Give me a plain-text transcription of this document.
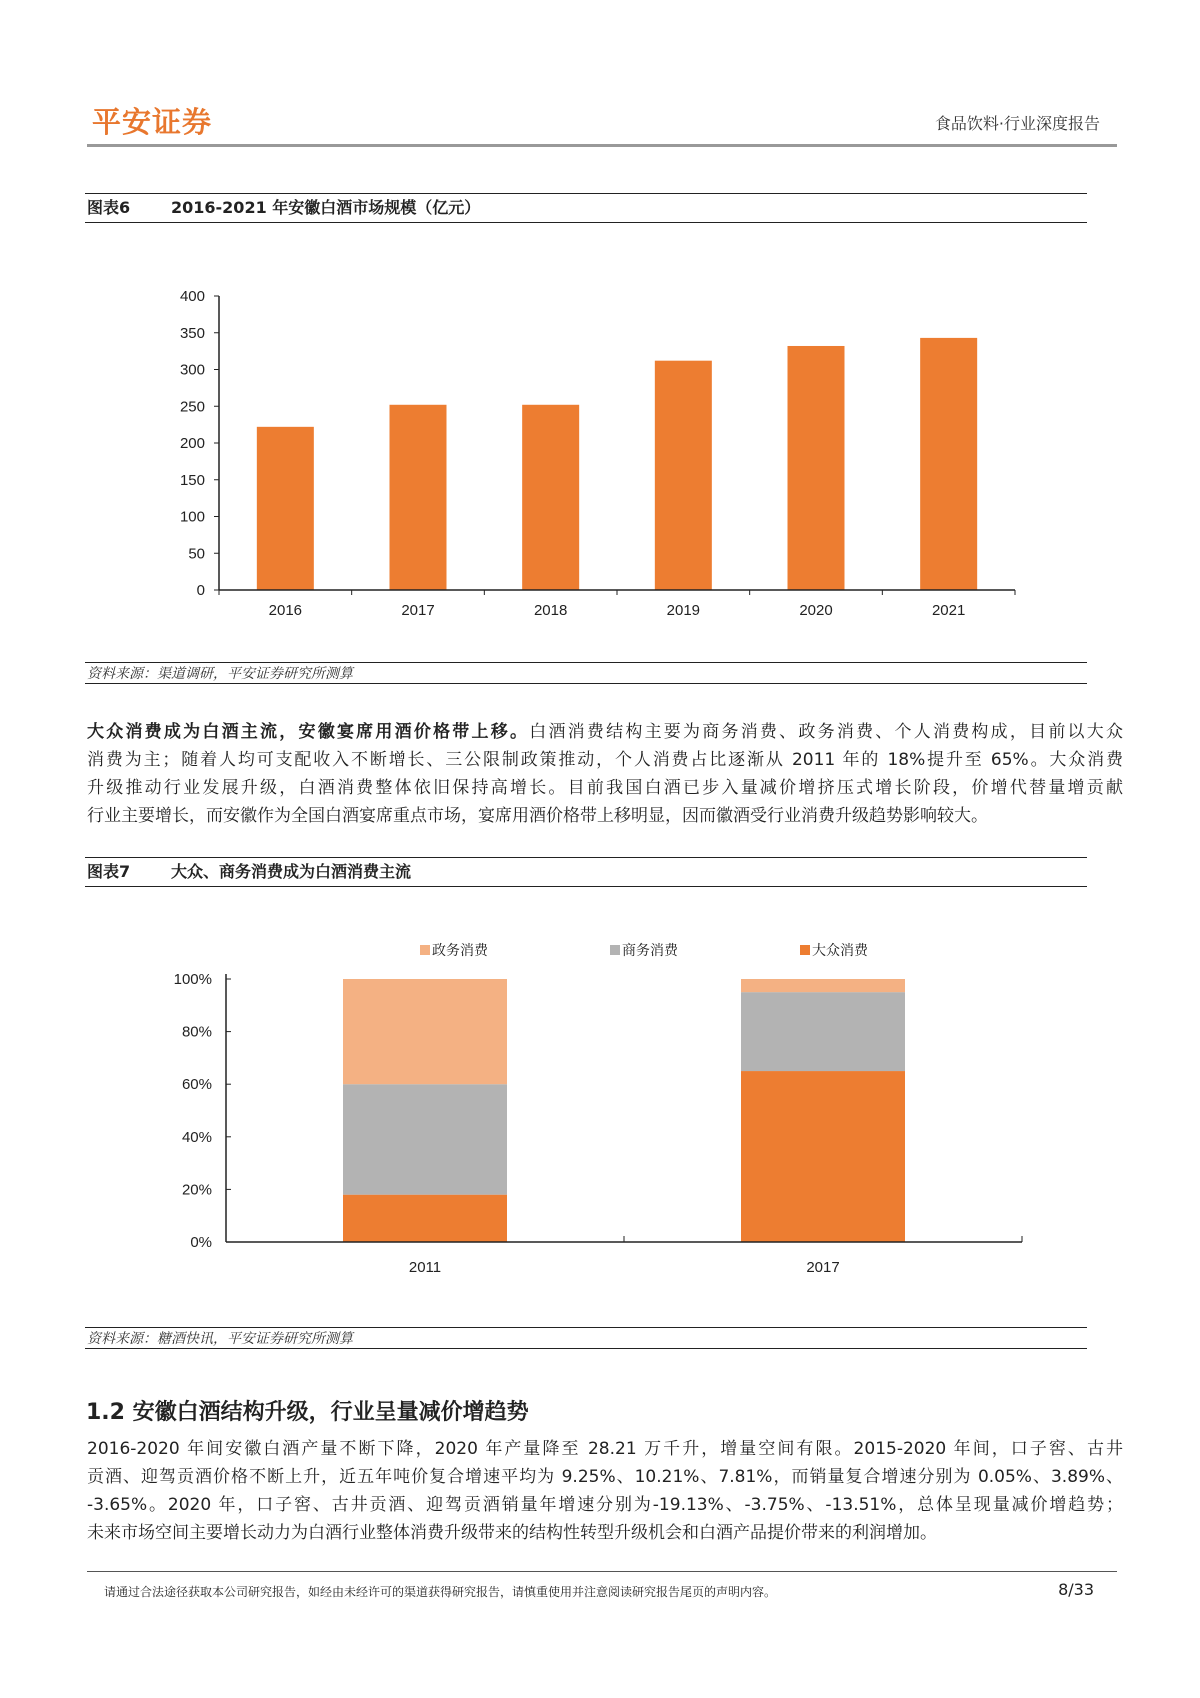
平安证券	食品饮料·行业深度报告
图表6	2016-2021 年安徽白酒市场规模（亿元）
2016	2017	2018	2019	2020	2021
0
50
100
150
200
250
300
350
400
资料来源：渠道调研，平安证券研究所测算
大众消费成为白酒主流，安徽宴席用酒价格带上移。白酒消费结构主要为商务消费、政务消费、个人消费构成，目前以大众
消费为主；随着人均可支配收入不断增长、三公限制政策推动，个人消费占比逐渐从 2011 年的 18%提升至 65%。大众消费
升级推动行业发展升级，白酒消费整体依旧保持高增长。目前我国白酒已步入量减价增挤压式增长阶段，价增代替量增贡献
行业主要增长，而安徽作为全国白酒宴席重点市场，宴席用酒价格带上移明显，因而徽酒受行业消费升级趋势影响较大。
图表7	大众、商务消费成为白酒消费主流
2011	2017
0%
20%
40%
60%
80%
100%
政务消费	商务消费	大众消费
资料来源：糖酒快讯，平安证券研究所测算
1.2 安徽白酒结构升级，行业呈量减价增趋势
2016-2020 年间安徽白酒产量不断下降，2020 年产量降至 28.21 万千升，增量空间有限。2015-2020 年间，口子窖、古井
贡酒、迎驾贡酒价格不断上升，近五年吨价复合增速平均为 9.25%、10.21%、7.81%，而销量复合增速分别为 0.05%、3.89%、
-3.65%。2020 年，口子窖、古井贡酒、迎驾贡酒销量年增速分别为-19.13%、-3.75%、-13.51%，总体呈现量减价增趋势；
未来市场空间主要增长动力为白酒行业整体消费升级带来的结构性转型升级机会和白酒产品提价带来的利润增加。
请通过合法途径获取本公司研究报告，如经由未经许可的渠道获得研究报告，请慎重使用并注意阅读研究报告尾页的声明内容。	8/33
